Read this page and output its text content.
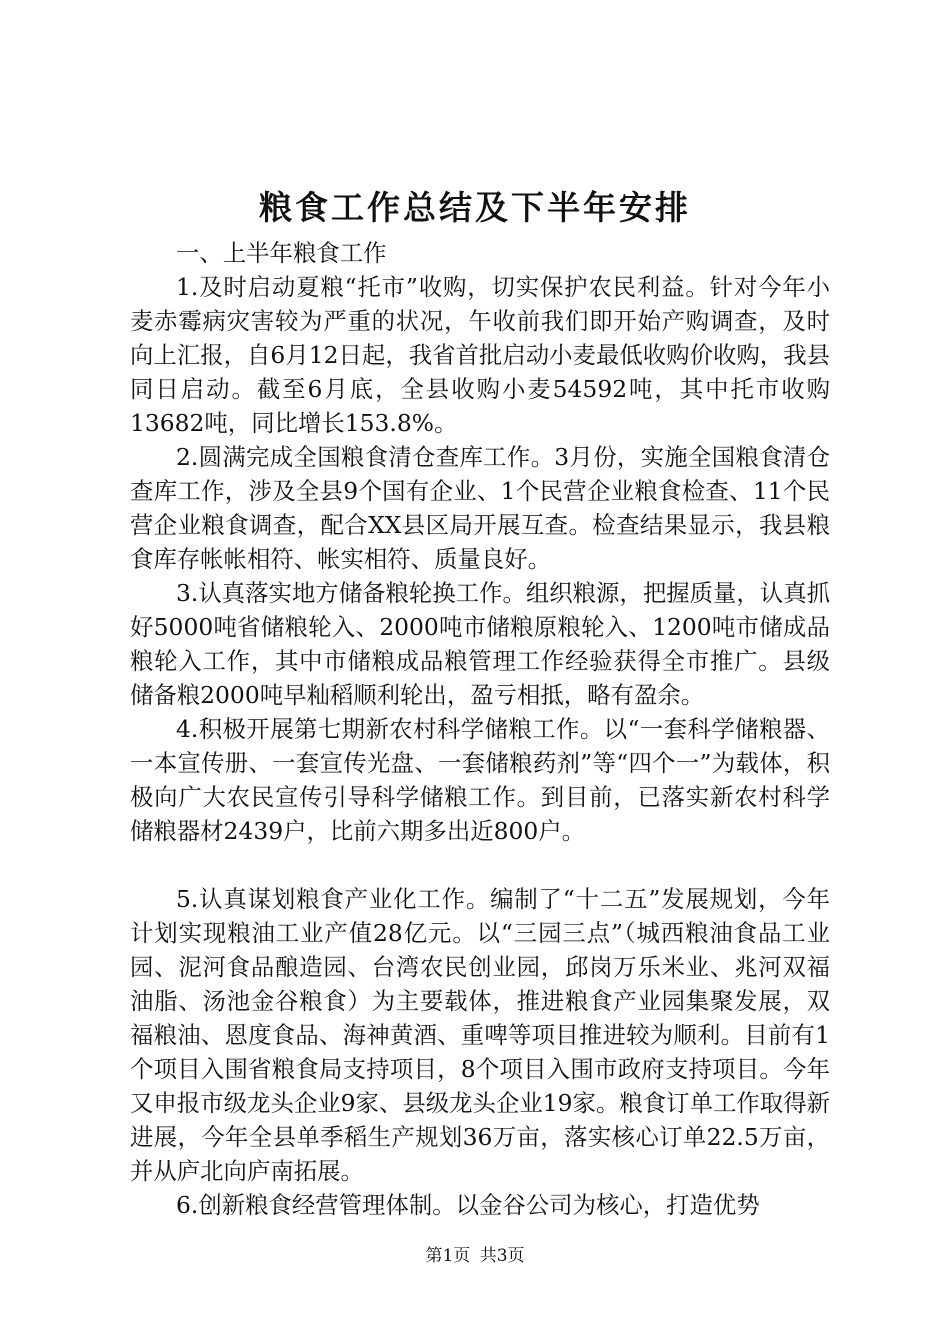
粮食工作总结及下半年安排

一、上半年粮食工作

1.及时启动夏粮“托市”收购，切实保护农民利益。针对今年小麦赤霉病灾害较为严重的状况，午收前我们即开始产购调查，及时向上汇报，自6月12日起，我省首批启动小麦最低收购价收购，我县同日启动。截至6月底，全县收购小麦54592吨，其中托市收购13682吨，同比增长153.8%。

2.圆满完成全国粮食清仓查库工作。3月份，实施全国粮食清仓查库工作，涉及全县9个国有企业、1个民营企业粮食检查、11个民营企业粮食调查，配合XX县区局开展互查。检查结果显示，我县粮食库存帐帐相符、帐实相符、质量良好。

3.认真落实地方储备粮轮换工作。组织粮源，把握质量，认真抓好5000吨省储粮轮入、2000吨市储粮原粮轮入、1200吨市储成品粮轮入工作，其中市储粮成品粮管理工作经验获得全市推广。县级储备粮2000吨早籼稻顺利轮出，盈亏相抵，略有盈余。

4.积极开展第七期新农村科学储粮工作。以“一套科学储粮器、一本宣传册、一套宣传光盘、一套储粮药剂”等“四个一”为载体，积极向广大农民宣传引导科学储粮工作。到目前，已落实新农村科学储粮器材2439户，比前六期多出近800户。

5.认真谋划粮食产业化工作。编制了“十二五”发展规划，今年计划实现粮油工业产值28亿元。以“三园三点”（城西粮油食品工业园、泥河食品酿造园、台湾农民创业园，邱岗万乐米业、兆河双福油脂、汤池金谷粮食）为主要载体，推进粮食产业园集聚发展，双福粮油、恩度食品、海神黄酒、重啤等项目推进较为顺利。目前有1个项目入围省粮食局支持项目，8个项目入围市政府支持项目。今年又申报市级龙头企业9家、县级龙头企业19家。粮食订单工作取得新进展，今年全县单季稻生产规划36万亩，落实核心订单22.5万亩，并从庐北向庐南拓展。

6.创新粮食经营管理体制。以金谷公司为核心，打造优势

第1页 共3页
